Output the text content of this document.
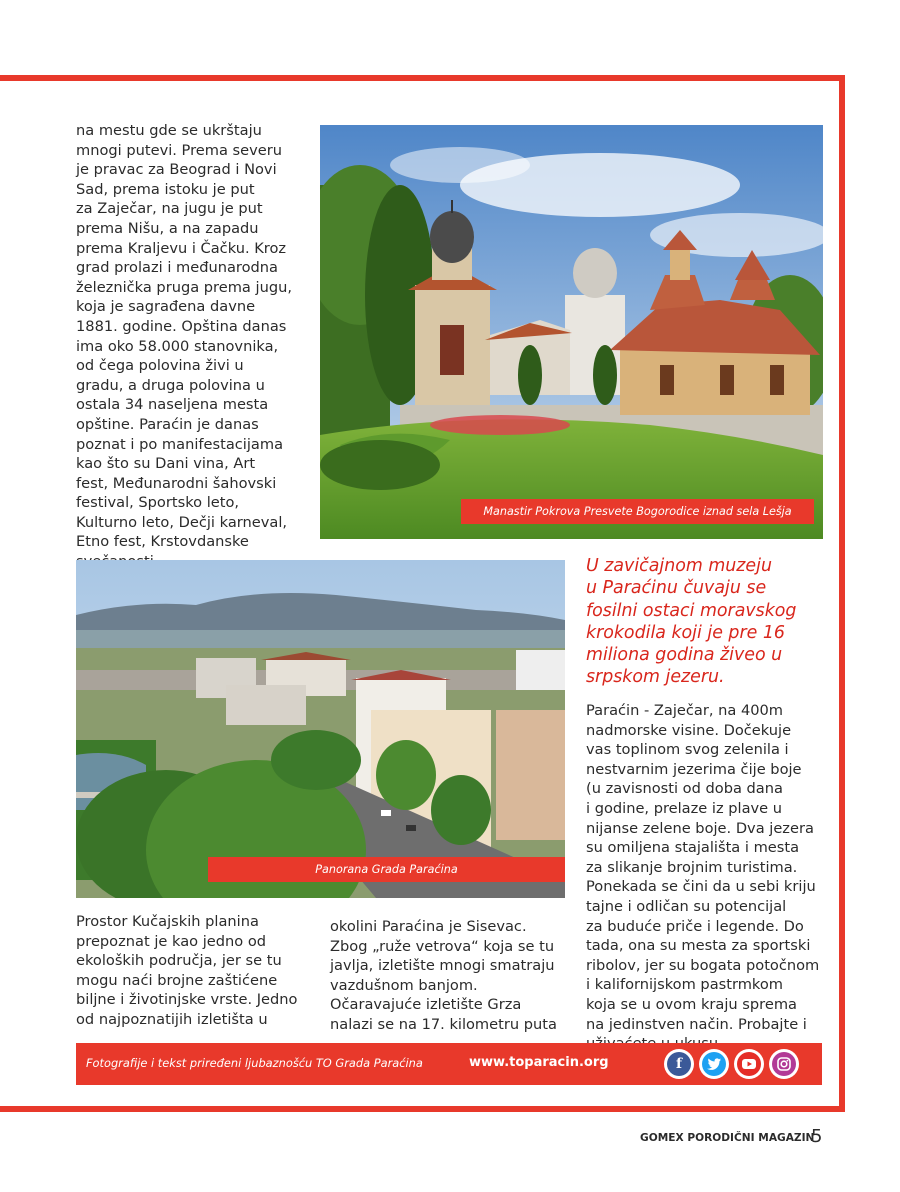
na mestu gde se ukrštaju
mnogi putevi. Prema severu
je pravac za Beograd i Novi
Sad, prema istoku je put
za Zaječar, na jugu je put
prema Nišu, a na zapadu
prema Kraljevu i Čačku. Kroz
grad prolazi i međunarodna
železnička pruga prema jugu,
koja je sagrađena davne
1881. godine. Opština danas
ima oko 58.000 stanovnika,
od čega polovina živi u
gradu, a druga polovina u
ostala 34 naseljena mesta
opštine. Paraćin je danas
poznat i po manifestacijama
kao što su Dani vina, Art
fest, Međunarodni šahovski
festival, Sportsko leto,
Kulturno leto, Dečji karneval,
Etno fest, Krstovdanske

Manastir Pokrova Presvete Bogorodice iznad sela Lešja
Panorana Grada Paraćina
U zavičajnom muzeju
u Paraćinu čuvaju se
fosilni ostaci moravskog
krokodila koji je pre 16
miliona godina živeo u
srpskom jezeru.
Paraćin - Zaječar, na 400m
nadmorske visine. Dočekuje
vas toplinom svog zelenila i
nestvarnim jezerima čije boje
(u zavisnosti od doba dana
i godine, prelaze iz plave u
nijanse zelene boje. Dva jezera
su omiljena stajališta i mesta
za slikanje brojnim turistima.
Ponekada se čini da u sebi kriju
tajne i odličan su potencijal
za buduće priče i legende. Do
tada, ona su mesta za sportski
ribolov, jer su bogata potočnom
i kalifornijskom pastrmkom
koja se u ovom kraju sprema
na jedinstven način. Probajte i

Prostor Kučajskih planina
prepoznat je kao jedno od
ekoloških područja, jer se tu
mogu naći brojne zaštićene
biljne i životinjske vrste. Jedno
od najpoznatijih izletišta u
okolini Paraćina je Sisevac.
Zbog „ruže vetrova“ koja se tu
javlja, izletište mnogi smatraju
vazdušnom banjom.
Očaravajuće izletište Grza
nalazi se na 17. kilometru puta
Fotografije i tekst priređeni ljubaznošću TO Grada Paraćina	www.toparacin.org	f
GOMEX PORODIČNI MAGAZIN
5
